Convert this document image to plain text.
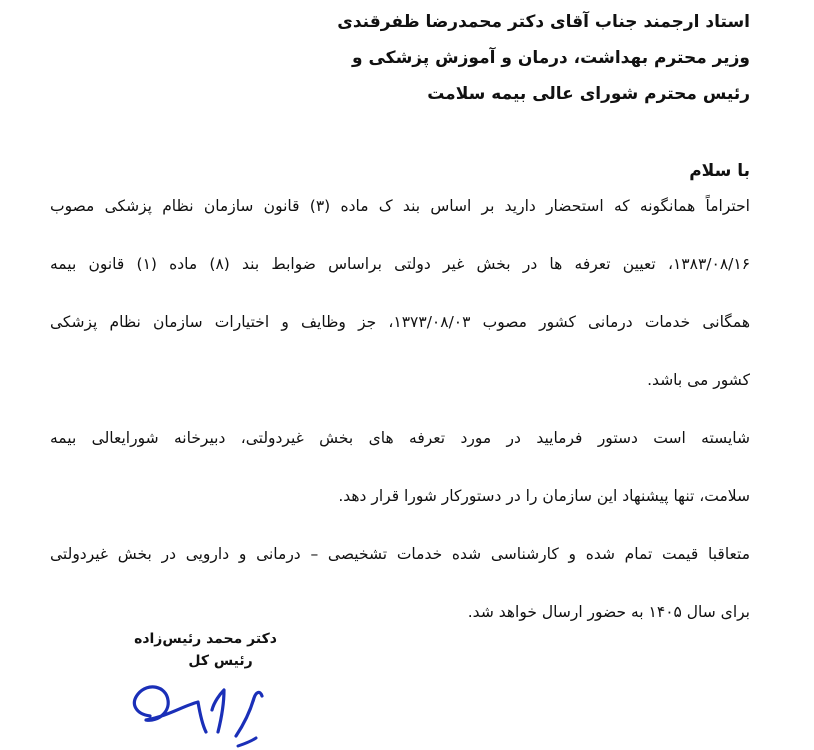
استاد ارجمند جناب آقای دکتر محمدرضا ظفرقندی
وزیر محترم بهداشت، درمان و آموزش پزشکی و
رئیس محترم شورای عالی بیمه سلامت
با سلام
احتراماً همانگونه که استحضار دارید بر اساس بند ک ماده (۳) قانون سازمان نظام پزشکی مصوب
۱۳۸۳/۰۸/۱۶، تعیین تعرفه ها در بخش غیر دولتی براساس ضوابط بند (۸) ماده (۱) قانون بیمه
همگانی خدمات درمانی کشور مصوب ۱۳۷۳/۰۸/۰۳، جز وظایف و اختیارات سازمان نظام پزشکی
کشور می باشد.
شایسته است دستور فرمایید در مورد تعرفه های بخش غیردولتی، دبیرخانه شورایعالی بیمه
سلامت، تنها پیشنهاد این سازمان را در دستورکار شورا قرار دهد.
متعاقبا قیمت تمام شده و کارشناسی شده خدمات تشخیصی – درمانی و دارویی در بخش غیردولتی
برای سال ۱۴۰۵ به حضور ارسال خواهد شد.
دکتر محمد رئیس‌زاده
رئیس کل
